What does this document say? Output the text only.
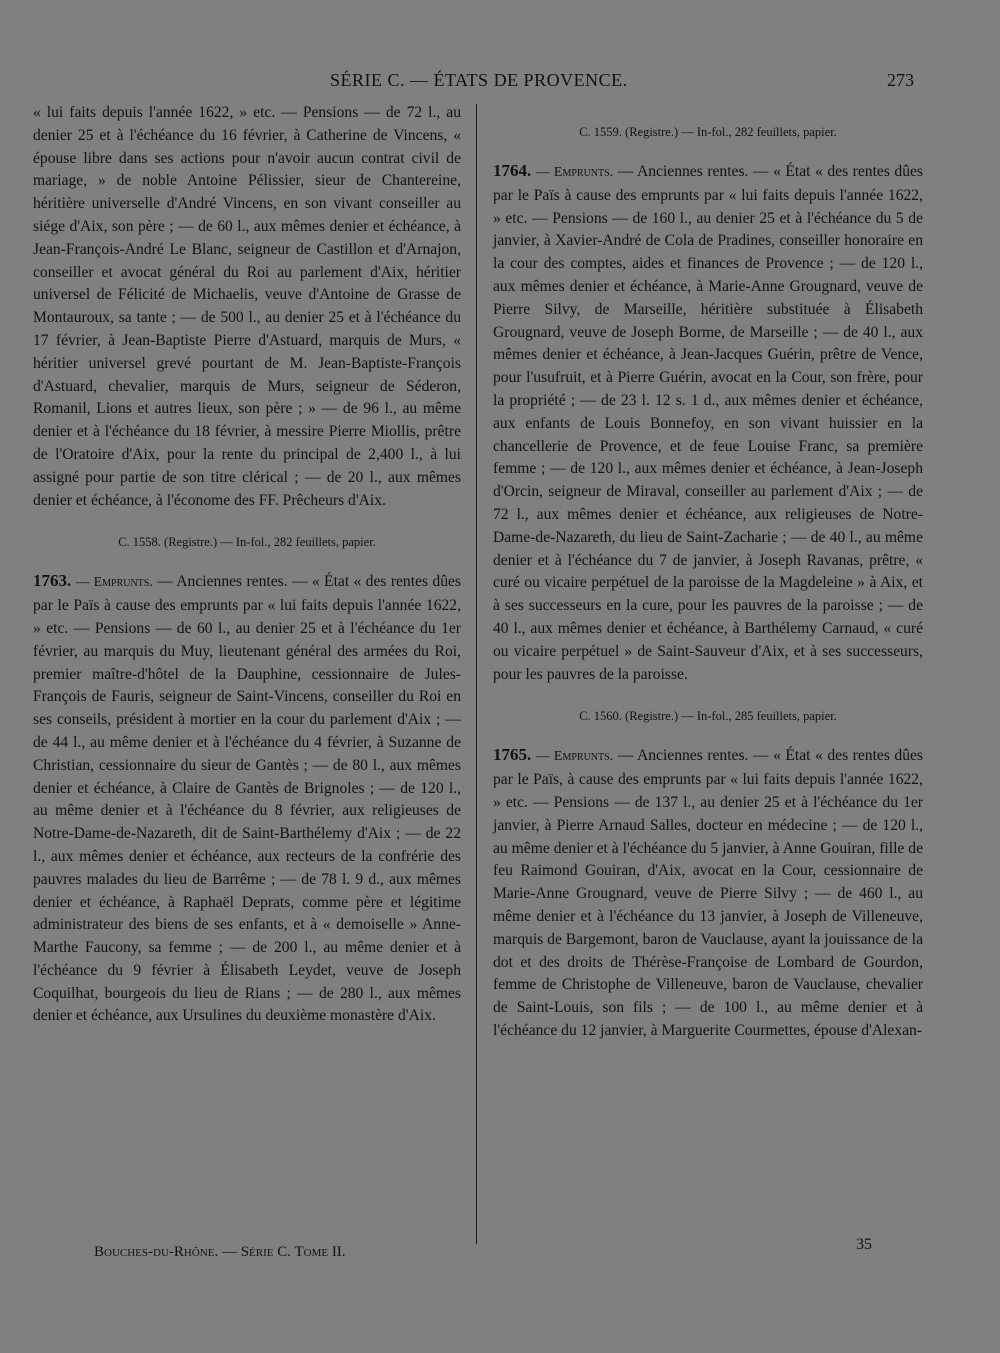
SÉRIE C. — ÉTATS DE PROVENCE.	273

« lui faits depuis l'année 1622, » etc. — Pensions — de 72 l., au denier 25 et à l'échéance du 16 février, à Catherine de Vincens, « épouse libre dans ses actions pour n'avoir aucun contrat civil de mariage, » de noble Antoine Pélissier, sieur de Chantereine, héritière universelle d'André Vincens, en son vivant conseiller au siége d'Aix, son père ; — de 60 l., aux mêmes denier et échéance, à Jean-François-André Le Blanc, seigneur de Castillon et d'Arnajon, conseiller et avocat général du Roi au parlement d'Aix, héritier universel de Félicité de Michaelis, veuve d'Antoine de Grasse de Montauroux, sa tante ; — de 500 l., au denier 25 et à l'échéance du 17 février, à Jean-Baptiste Pierre d'Astuard, marquis de Murs, « héritier universel grevé pourtant de M. Jean-Baptiste-François d'Astuard, chevalier, marquis de Murs, seigneur de Séderon, Romanil, Lions et autres lieux, son père ; » — de 96 l., au même denier et à l'échéance du 18 février, à messire Pierre Miollis, prêtre de l'Oratoire d'Aix, pour la rente du principal de 2,400 l., à lui assigné pour partie de son titre clérical ; — de 20 l., aux mêmes denier et échéance, à l'économe des FF. Prêcheurs d'Aix.

C. 1558. (Registre.) — In-fol., 282 feuillets, papier.

1763. — Emprunts. — Anciennes rentes. — « État « des rentes dûes par le Païs à cause des emprunts par « lui faits depuis l'année 1622, » etc. — Pensions — de 60 l., au denier 25 et à l'échéance du 1er février, au marquis du Muy, lieutenant général des armées du Roi, premier maître-d'hôtel de la Dauphine, cessionnaire de Jules-François de Fauris, seigneur de Saint-Vincens, conseiller du Roi en ses conseils, président à mortier en la cour du parlement d'Aix ; — de 44 l., au même denier et à l'échéance du 4 février, à Suzanne de Christian, cessionnaire du sieur de Gantès ; — de 80 l., aux mêmes denier et échéance, à Claire de Gantès de Brignoles ; — de 120 l., au même denier et à l'échéance du 8 février, aux religieuses de Notre-Dame-de-Nazareth, dit de Saint-Barthélemy d'Aix ; — de 22 l., aux mêmes denier et échéance, aux recteurs de la confrérie des pauvres malades du lieu de Barrême ; — de 78 l. 9 d., aux mêmes denier et échéance, à Raphaël Deprats, comme père et légitime administrateur des biens de ses enfants, et à « demoiselle » Anne-Marthe Faucony, sa femme ; — de 200 l., au même denier et à l'échéance du 9 février à Élisabeth Leydet, veuve de Joseph Coquilhat, bourgeois du lieu de Rians ; — de 280 l., aux mêmes denier et échéance, aux Ursulines du deuxième monastère d'Aix.

C. 1559. (Registre.) — In-fol., 282 feuillets, papier.

1764. — Emprunts. — Anciennes rentes. — « État « des rentes dûes par le Païs à cause des emprunts par « lui faits depuis l'année 1622, » etc. — Pensions — de 160 l., au denier 25 et à l'échéance du 5 de janvier, à Xavier-André de Cola de Pradines, conseiller honoraire en la cour des comptes, aides et finances de Provence ; — de 120 l., aux mêmes denier et échéance, à Marie-Anne Grougnard, veuve de Pierre Silvy, de Marseille, héritière substituée à Élisabeth Grougnard, veuve de Joseph Borme, de Marseille ; — de 40 l., aux mêmes denier et échéance, à Jean-Jacques Guérin, prêtre de Vence, pour l'usufruit, et à Pierre Guérin, avocat en la Cour, son frère, pour la propriété ; — de 23 l. 12 s. 1 d., aux mêmes denier et échéance, aux enfants de Louis Bonnefoy, en son vivant huissier en la chancellerie de Provence, et de feue Louise Franc, sa première femme ; — de 120 l., aux mêmes denier et échéance, à Jean-Joseph d'Orcin, seigneur de Miraval, conseiller au parlement d'Aix ; — de 72 l., aux mêmes denier et échéance, aux religieuses de Notre-Dame-de-Nazareth, du lieu de Saint-Zacharie ; — de 40 l., au même denier et à l'échéance du 7 de janvier, à Joseph Ravanas, prêtre, « curé ou vicaire perpétuel de la paroisse de la Magdeleine » à Aix, et à ses successeurs en la cure, pour les pauvres de la paroisse ; — de 40 l., aux mêmes denier et échéance, à Barthélemy Carnaud, « curé ou vicaire perpétuel » de Saint-Sauveur d'Aix, et à ses successeurs, pour les pauvres de la paroisse.

C. 1560. (Registre.) — In-fol., 285 feuillets, papier.

1765. — Emprunts. — Anciennes rentes. — « État « des rentes dûes par le Païs, à cause des emprunts par « lui faits depuis l'année 1622, » etc. — Pensions — de 137 l., au denier 25 et à l'échéance du 1er janvier, à Pierre Arnaud Salles, docteur en médecine ; — de 120 l., au même denier et à l'échéance du 5 janvier, à Anne Gouiran, fille de feu Raimond Gouiran, d'Aix, avocat en la Cour, cessionnaire de Marie-Anne Grougnard, veuve de Pierre Silvy ; — de 460 l., au même denier et à l'échéance du 13 janvier, à Joseph de Villeneuve, marquis de Bargemont, baron de Vauclause, ayant la jouissance de la dot et des droits de Thérèse-Françoise de Lombard de Gourdon, femme de Christophe de Villeneuve, baron de Vauclause, chevalier de Saint-Louis, son fils ; — de 100 l., au même denier et à l'échéance du 12 janvier, à Marguerite Courmettes, épouse d'Alexan-

Bouches-du-Rhône. — Série C. Tome II.	35
